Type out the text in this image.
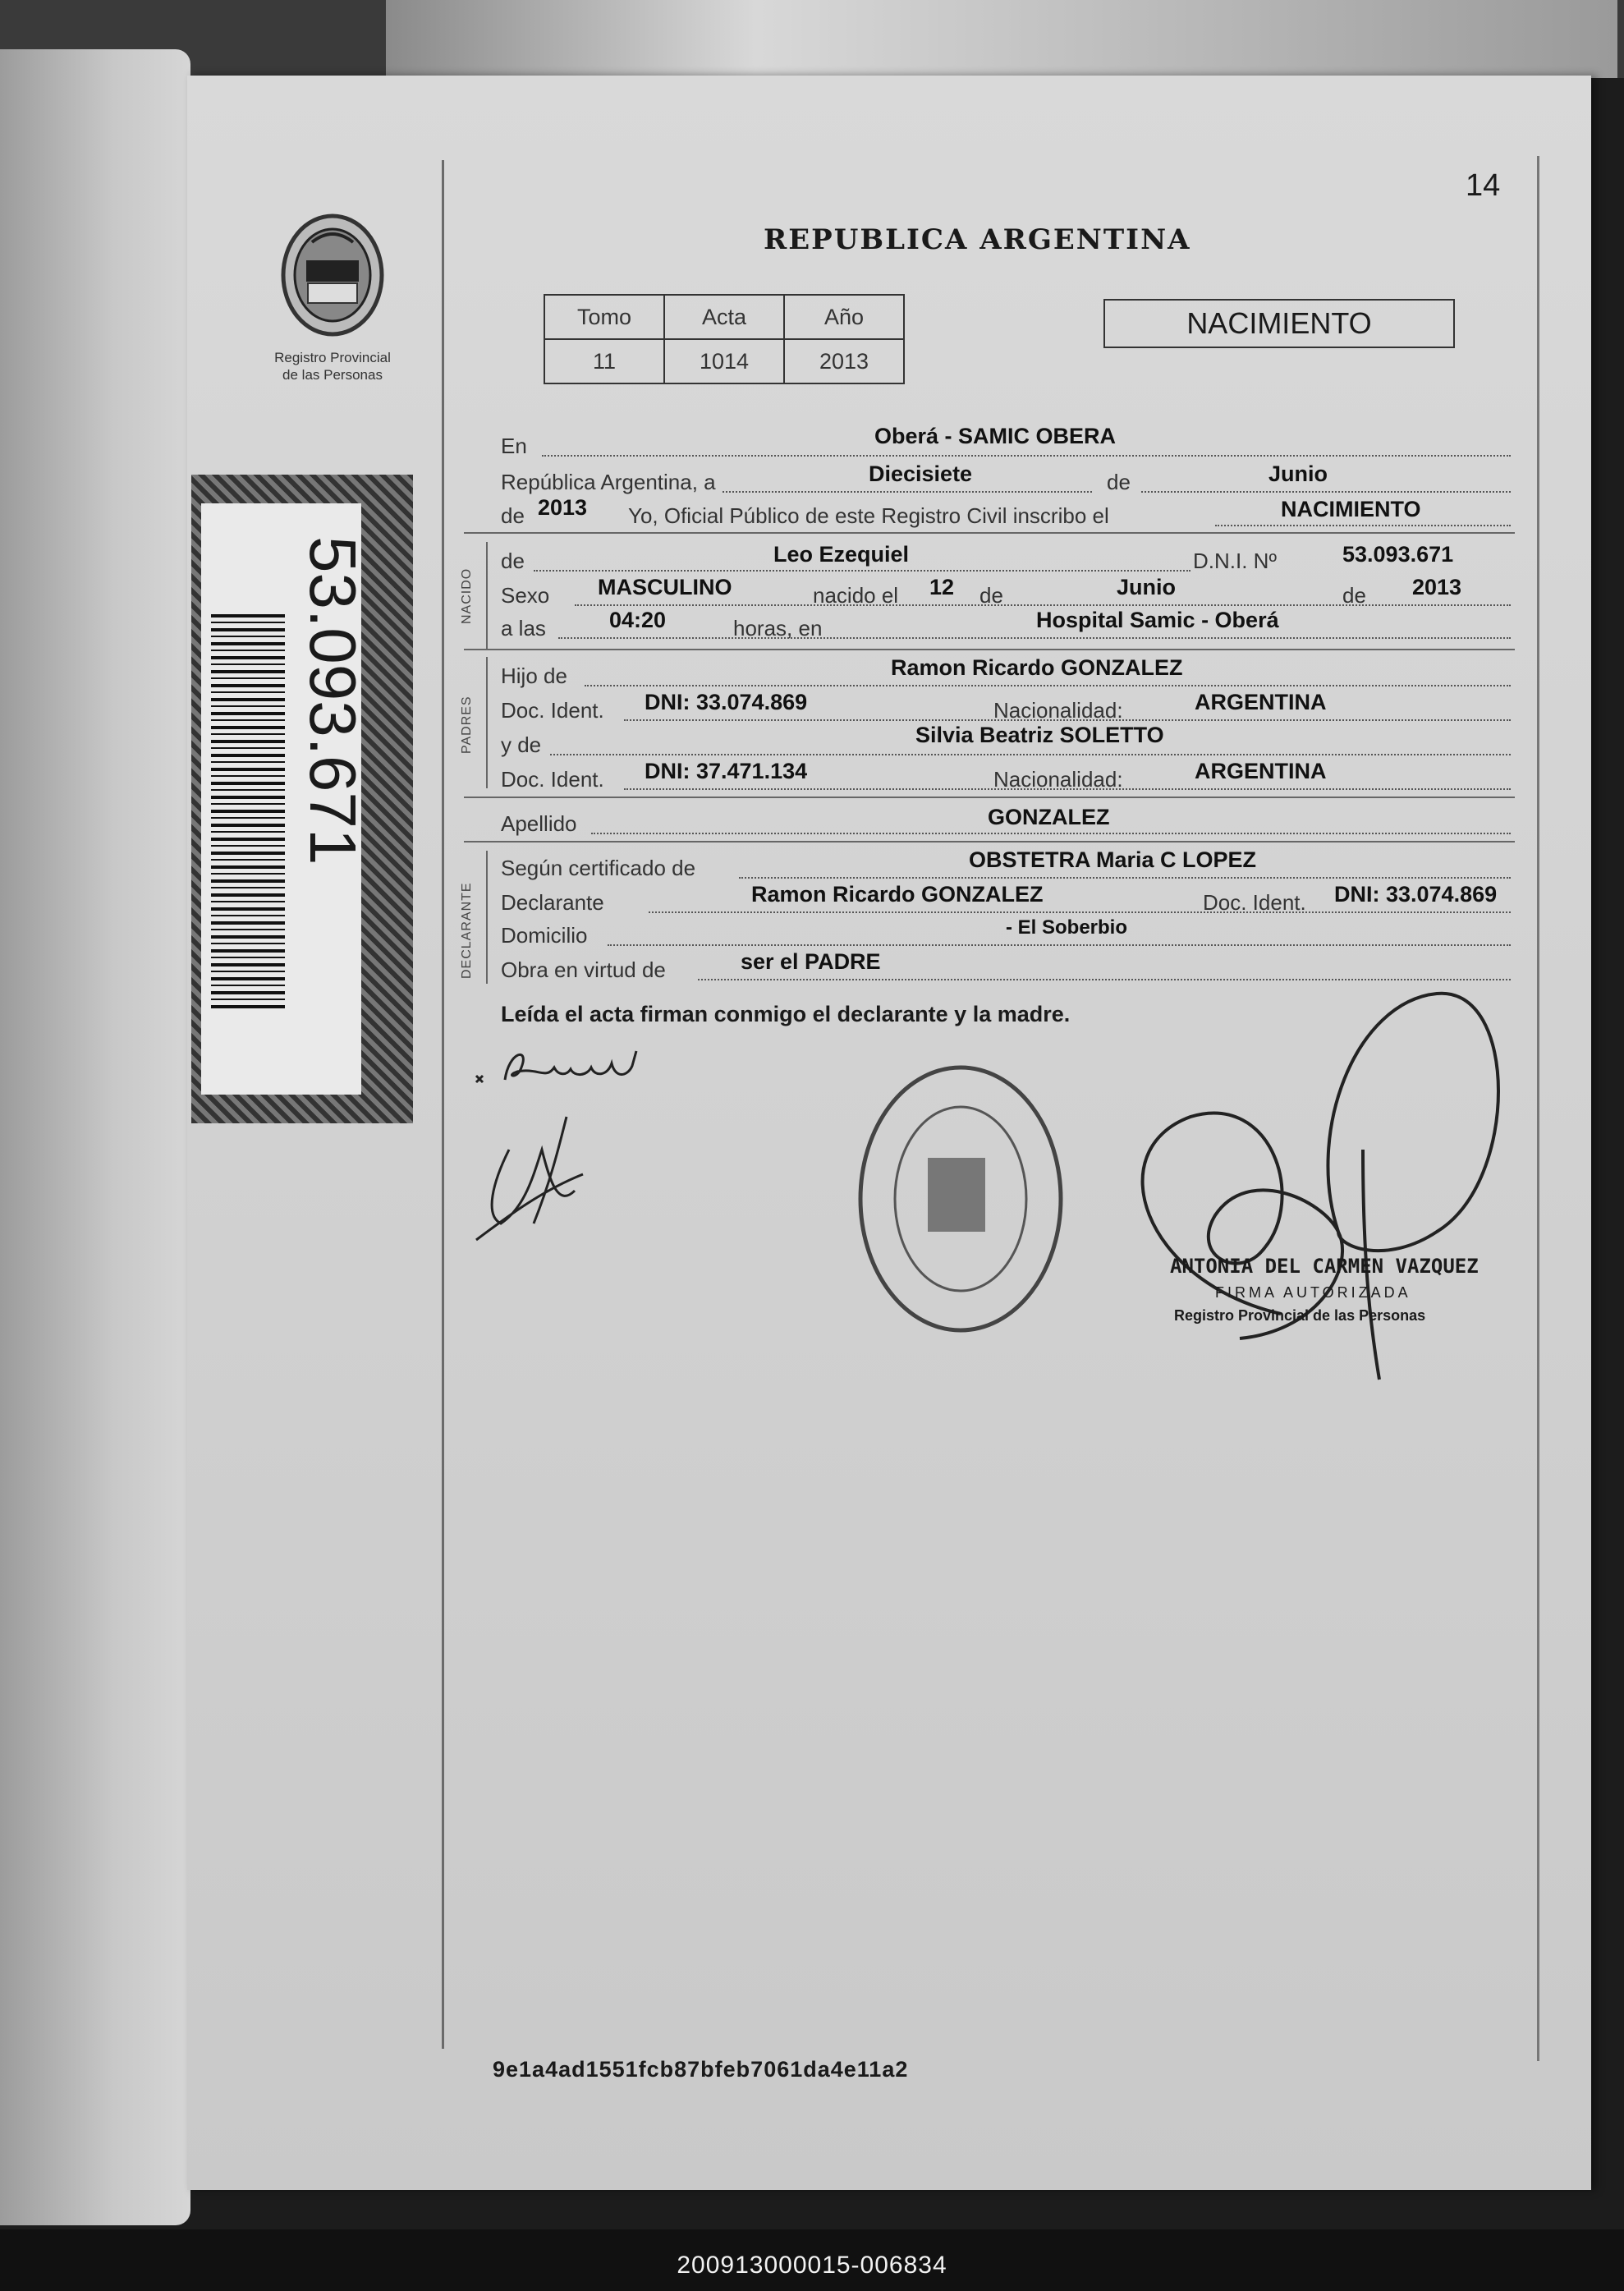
14
REPUBLICA ARGENTINA
Registro Provincial
de las Personas
53.093.671
Tomo	Acta	Año
11	1014	2013
NACIMIENTO
En	Oberá - SAMIC OBERA
República Argentina, a	Diecisiete	de	Junio
de 2013 Yo, Oficial Público de este Registro Civil inscribo el	NACIMIENTO
NACIDO
de	Leo Ezequiel	D.N.I. Nº	53.093.671
Sexo MASCULINO	nacido el 12 de	Junio	de 2013
a las	04:20	horas, en	Hospital Samic - Oberá
PADRES
Hijo de	Ramon Ricardo GONZALEZ
Doc. Ident. DNI: 33.074.869	Nacionalidad:	ARGENTINA
y de	Silvia Beatriz SOLETTO
Doc. Ident. DNI: 37.471.134	Nacionalidad:	ARGENTINA
Apellido	GONZALEZ
DECLARANTE
Según certificado de	OBSTETRA Maria C LOPEZ
Declarante	Ramon Ricardo GONZALEZ	Doc. Ident. DNI: 33.074.869
Domicilio	- El Soberbio
Obra en virtud de	ser el PADRE
Leída el acta firman conmigo el declarante y la madre.
ANTONIA DEL CARMEN VAZQUEZ
FIRMA AUTORIZADA
Registro Provincial de las Personas
9e1a4ad1551fcb87bfeb7061da4e11a2
200913000015-006834
